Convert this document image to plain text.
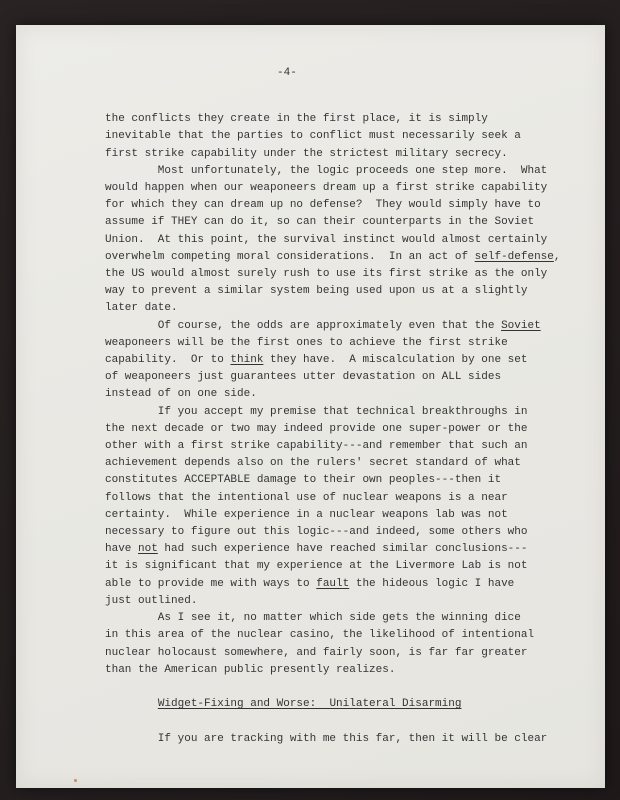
-4-
the conflicts they create in the first place, it is simply
inevitable that the parties to conflict must necessarily seek a
first strike capability under the strictest military secrecy.
Most unfortunately, the logic proceeds one step more.  What
would happen when our weaponeers dream up a first strike capability
for which they can dream up no defense?  They would simply have to
assume if THEY can do it, so can their counterparts in the Soviet
Union.  At this point, the survival instinct would almost certainly
overwhelm competing moral considerations.  In an act of self-defense,
the US would almost surely rush to use its first strike as the only
way to prevent a similar system being used upon us at a slightly
later date.
Of course, the odds are approximately even that the Soviet
weaponeers will be the first ones to achieve the first strike
capability.  Or to think they have.  A miscalculation by one set
of weaponeers just guarantees utter devastation on ALL sides
instead of on one side.
If you accept my premise that technical breakthroughs in
the next decade or two may indeed provide one super-power or the
other with a first strike capability---and remember that such an
achievement depends also on the rulers' secret standard of what
constitutes ACCEPTABLE damage to their own peoples---then it
follows that the intentional use of nuclear weapons is a near
certainty.  While experience in a nuclear weapons lab was not
necessary to figure out this logic---and indeed, some others who
have not had such experience have reached similar conclusions---
it is significant that my experience at the Livermore Lab is not
able to provide me with ways to fault the hideous logic I have
just outlined.
As I see it, no matter which side gets the winning dice
in this area of the nuclear casino, the likelihood of intentional
nuclear holocaust somewhere, and fairly soon, is far far greater
than the American public presently realizes.

Widget-Fixing and Worse:  Unilateral Disarming

If you are tracking with me this far, then it will be clear
